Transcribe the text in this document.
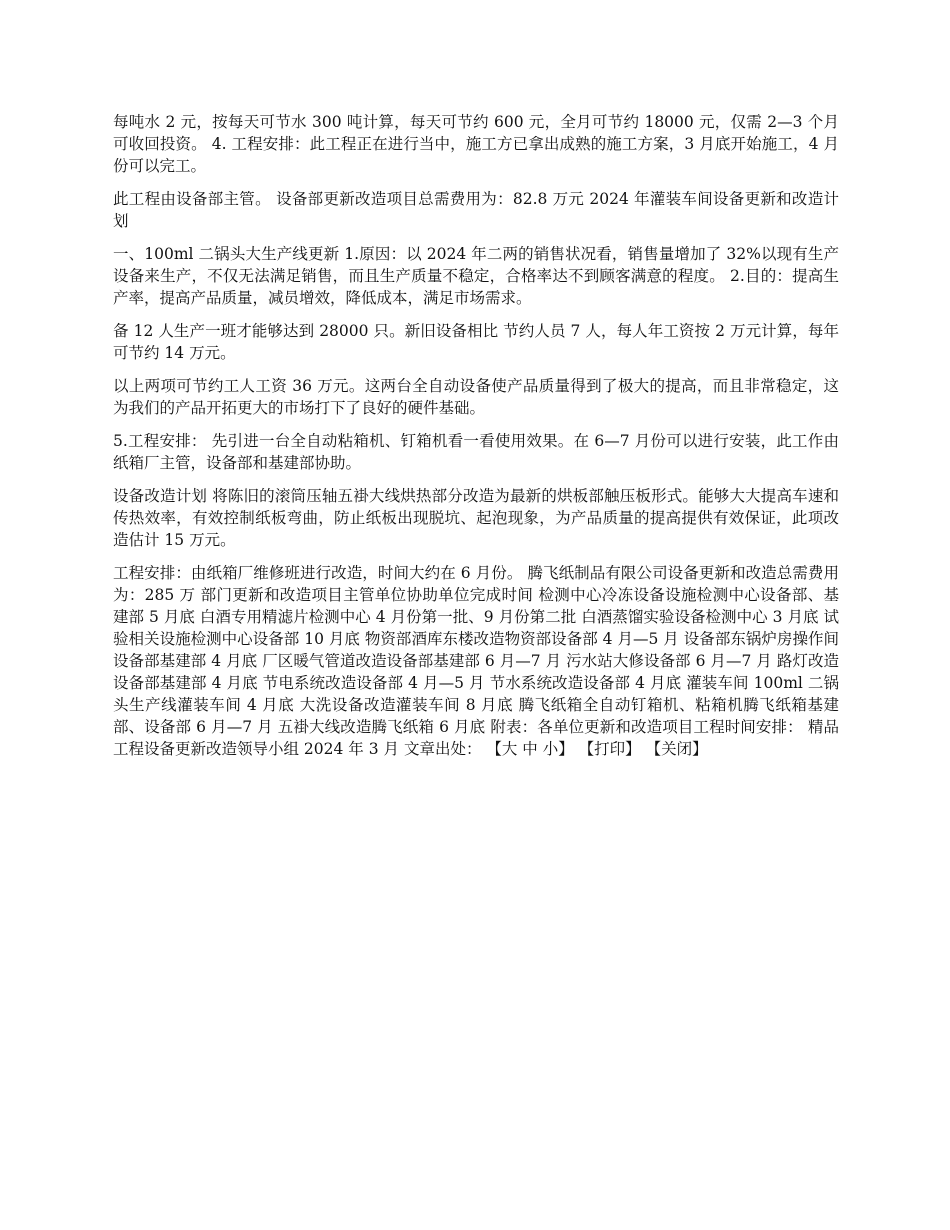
每吨水 2 元，按每天可节水 300 吨计算，每天可节约 600 元，全月可节约 18000 元，仅需 2—3 个月可收回投资。 4. 工程安排：此工程正在进行当中，施工方已拿出成熟的施工方案，3 月底开始施工，4 月份可以完工。

此工程由设备部主管。 设备部更新改造项目总需费用为：82.8 万元 2024 年灌装车间设备更新和改造计划

一、100ml 二锅头大生产线更新 1.原因：以 2024 年二两的销售状况看，销售量增加了 32%以现有生产设备来生产，不仅无法满足销售，而且生产质量不稳定，合格率达不到顾客满意的程度。 2.目的：提高生产率，提高产品质量，减员增效，降低成本，满足市场需求。

备 12 人生产一班才能够达到 28000 只。新旧设备相比 节约人员 7 人，每人年工资按 2 万元计算，每年可节约 14 万元。

以上两项可节约工人工资 36 万元。这两台全自动设备使产品质量得到了极大的提高，而且非常稳定，这为我们的产品开拓更大的市场打下了良好的硬件基础。

5.工程安排： 先引进一台全自动粘箱机、钉箱机看一看使用效果。在 6—7 月份可以进行安装，此工作由纸箱厂主管，设备部和基建部协助。

设备改造计划 将陈旧的滚筒压轴五褂大线烘热部分改造为最新的烘板部触压板形式。能够大大提高车速和传热效率，有效控制纸板弯曲，防止纸板出现脱坑、起泡现象，为产品质量的提高提供有效保证，此项改造估计 15 万元。

工程安排：由纸箱厂维修班进行改造，时间大约在 6 月份。 腾飞纸制品有限公司设备更新和改造总需费用为：285 万 部门更新和改造项目主管单位协助单位完成时间 检测中心冷冻设备设施检测中心设备部、基建部 5 月底 白酒专用精滤片检测中心 4 月份第一批、9 月份第二批 白酒蒸馏实验设备检测中心 3 月底 试验相关设施检测中心设备部 10 月底 物资部酒库东楼改造物资部设备部 4 月—5 月 设备部东锅炉房操作间设备部基建部 4 月底 厂区暖气管道改造设备部基建部 6 月—7 月 污水站大修设备部 6 月—7 月 路灯改造设备部基建部 4 月底 节电系统改造设备部 4 月—5 月 节水系统改造设备部 4 月底 灌装车间 100ml 二锅头生产线灌装车间 4 月底 大洗设备改造灌装车间 8 月底 腾飞纸箱全自动钉箱机、粘箱机腾飞纸箱基建部、设备部 6 月—7 月 五褂大线改造腾飞纸箱 6 月底 附表：各单位更新和改造项目工程时间安排： 精品工程设备更新改造领导小组 2024 年 3 月 文章出处： 【大 中 小】 【打印】 【关闭】
